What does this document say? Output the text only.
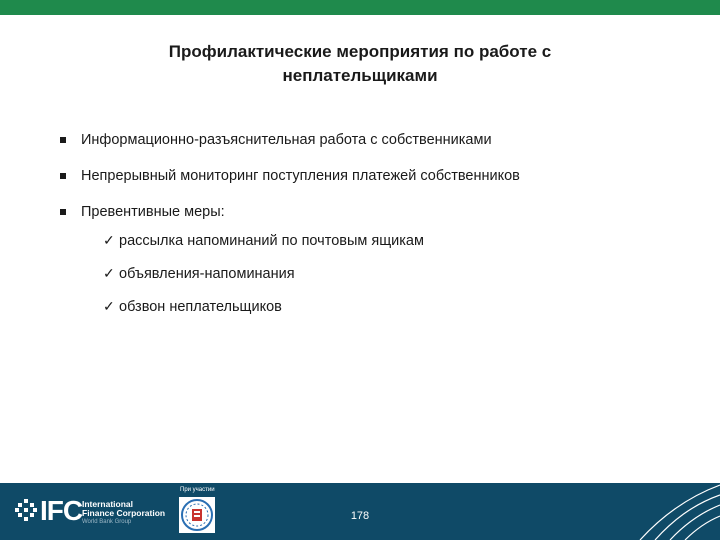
Профилактические мероприятия по работе с
неплательщиками
Информационно-разъяснительная работа с собственниками
Непрерывный мониторинг поступления платежей собственников
Превентивные меры:
✓ рассылка напоминаний по почтовым ящикам
✓ объявления-напоминания
✓ обзвон неплательщиков
IFC International
Finance Corporation
World Bank Group
При участии
178
